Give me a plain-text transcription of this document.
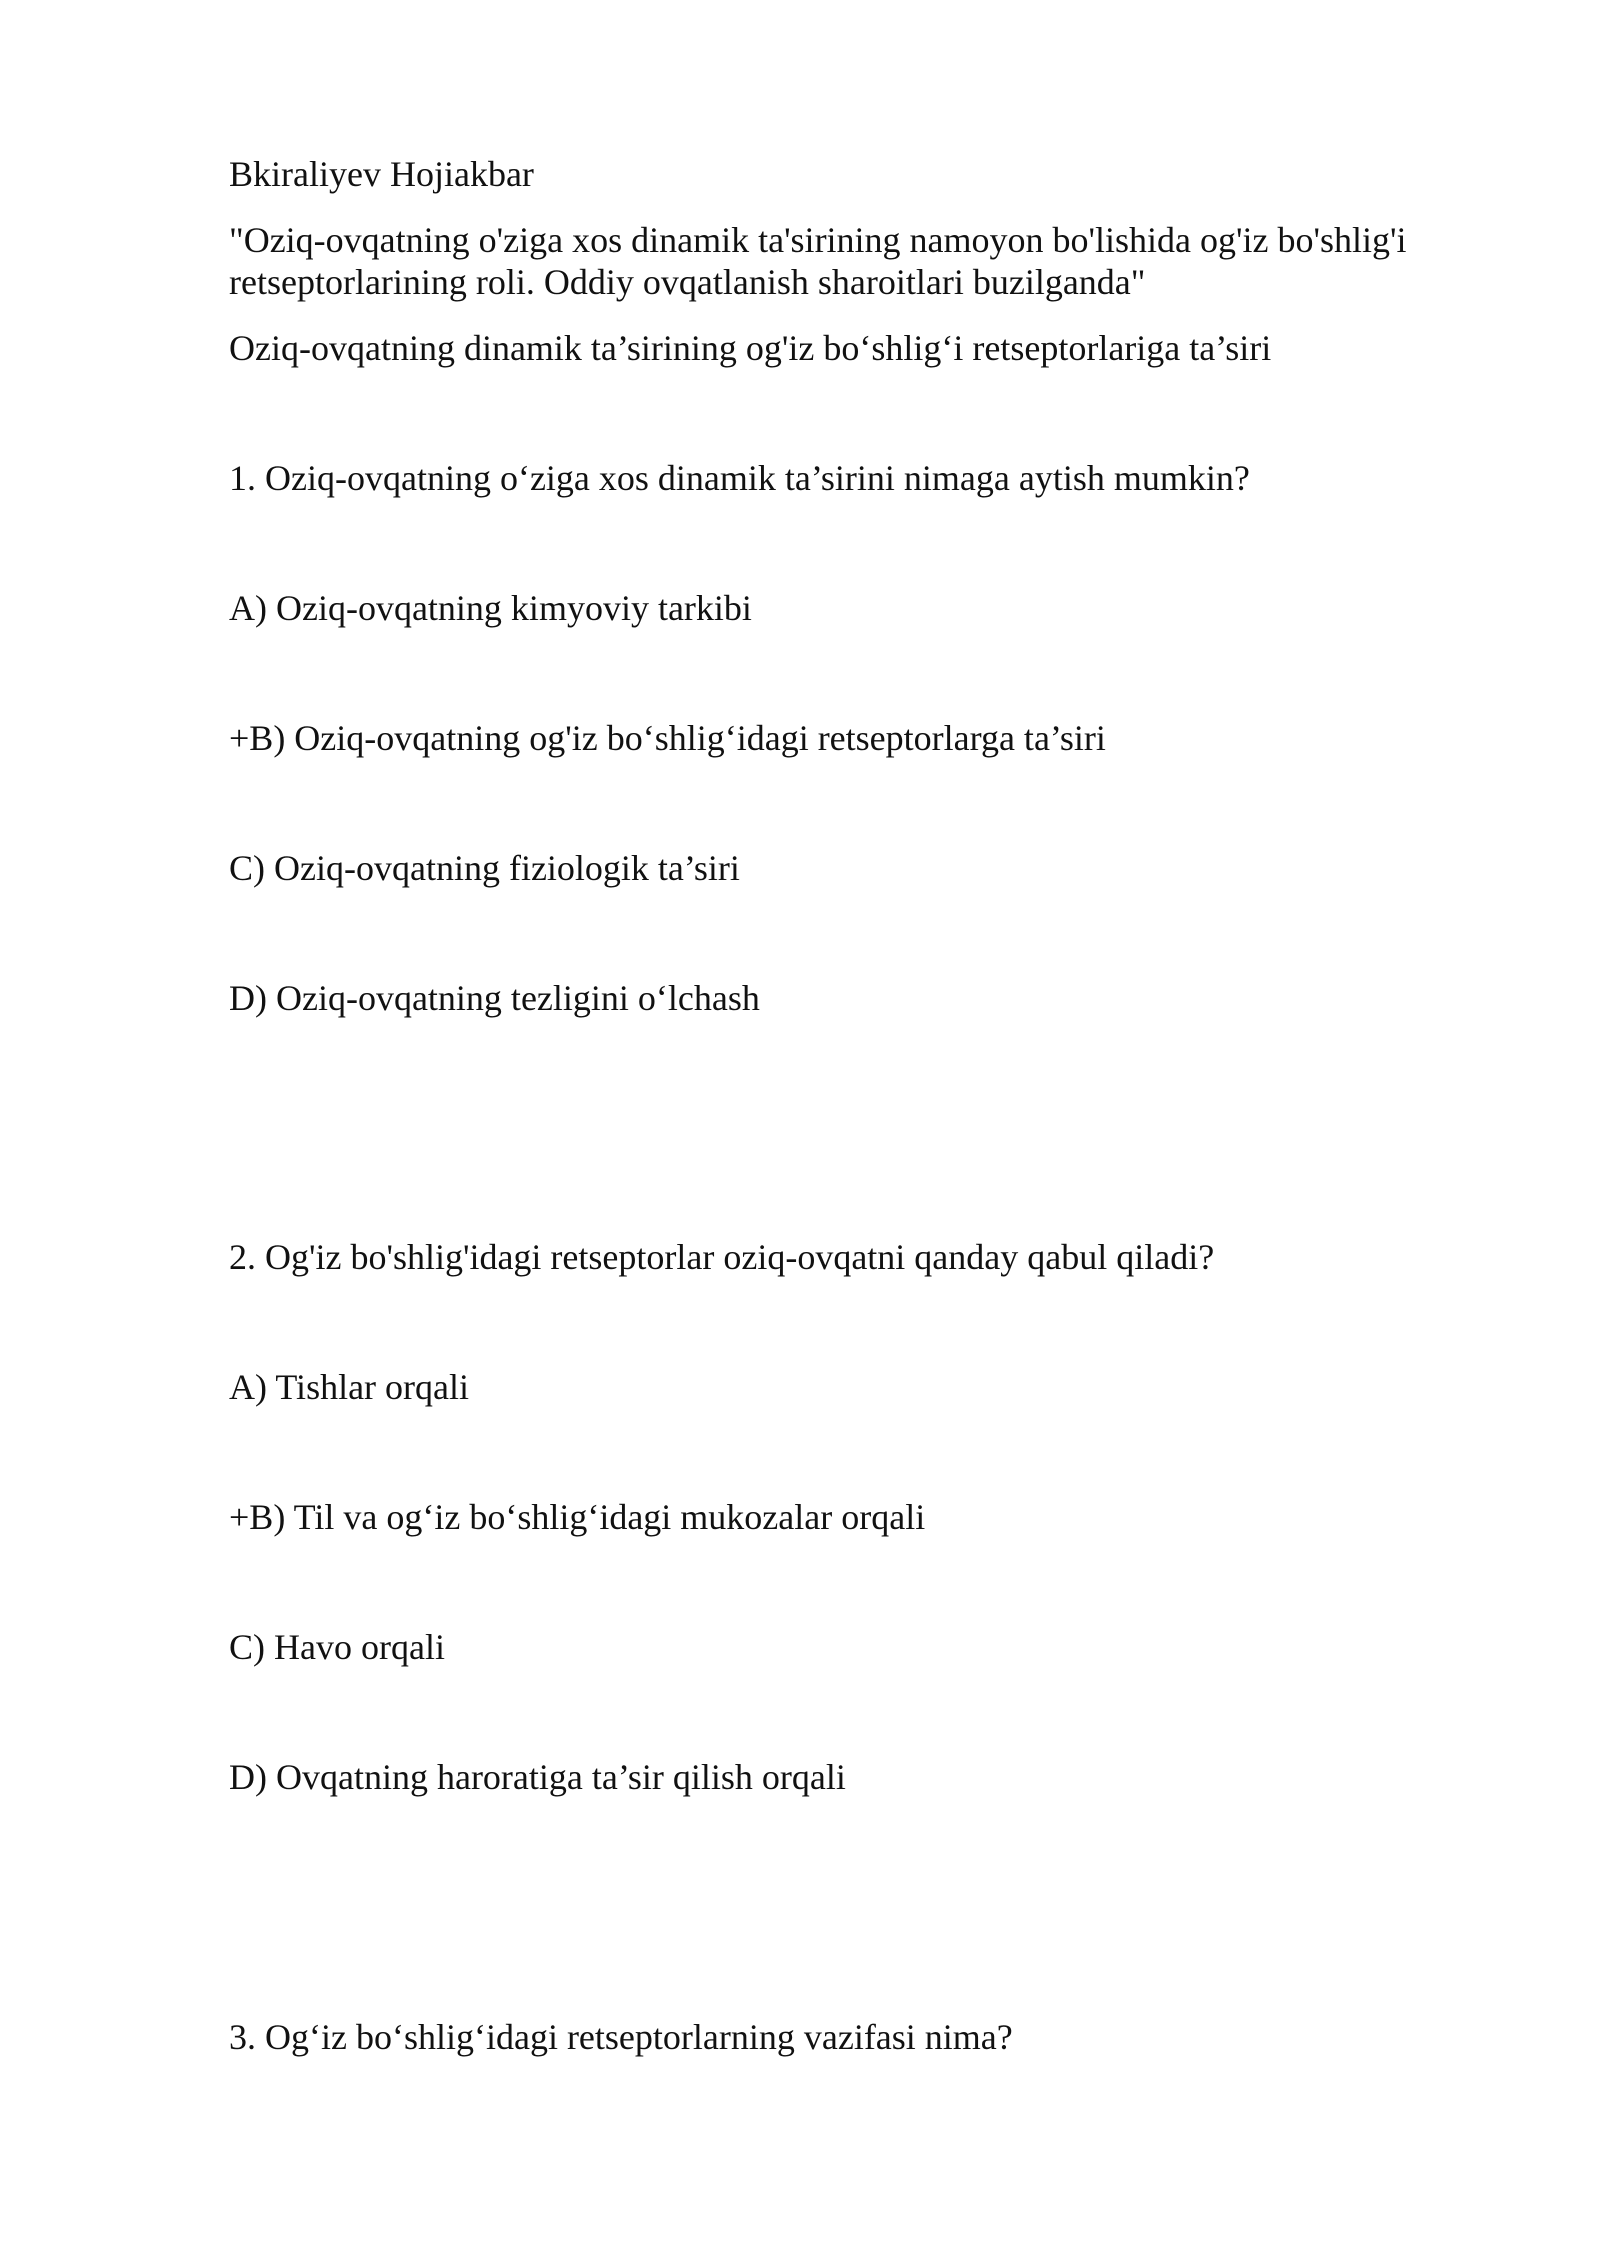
Bkiraliyev Hojiakbar
"Oziq-ovqatning o'ziga xos dinamik ta'sirining namoyon bo'lishida og'iz bo'shlig'i retseptorlarining roli. Oddiy ovqatlanish sharoitlari buzilganda"
Oziq-ovqatning dinamik ta’sirining og'iz bo‘shlig‘i retseptorlariga ta’siri
1. Oziq-ovqatning o‘ziga xos dinamik ta’sirini nimaga aytish mumkin?
A) Oziq-ovqatning kimyoviy tarkibi
+B) Oziq-ovqatning og'iz bo‘shlig‘idagi retseptorlarga ta’siri
C) Oziq-ovqatning fiziologik ta’siri
D) Oziq-ovqatning tezligini o‘lchash
2. Og'iz bo'shlig'idagi retseptorlar oziq-ovqatni qanday qabul qiladi?
A) Tishlar orqali
+B) Til va og‘iz bo‘shlig‘idagi mukozalar orqali
C) Havo orqali
D) Ovqatning haroratiga ta’sir qilish orqali
3. Og‘iz bo‘shlig‘idagi retseptorlarning vazifasi nima?
